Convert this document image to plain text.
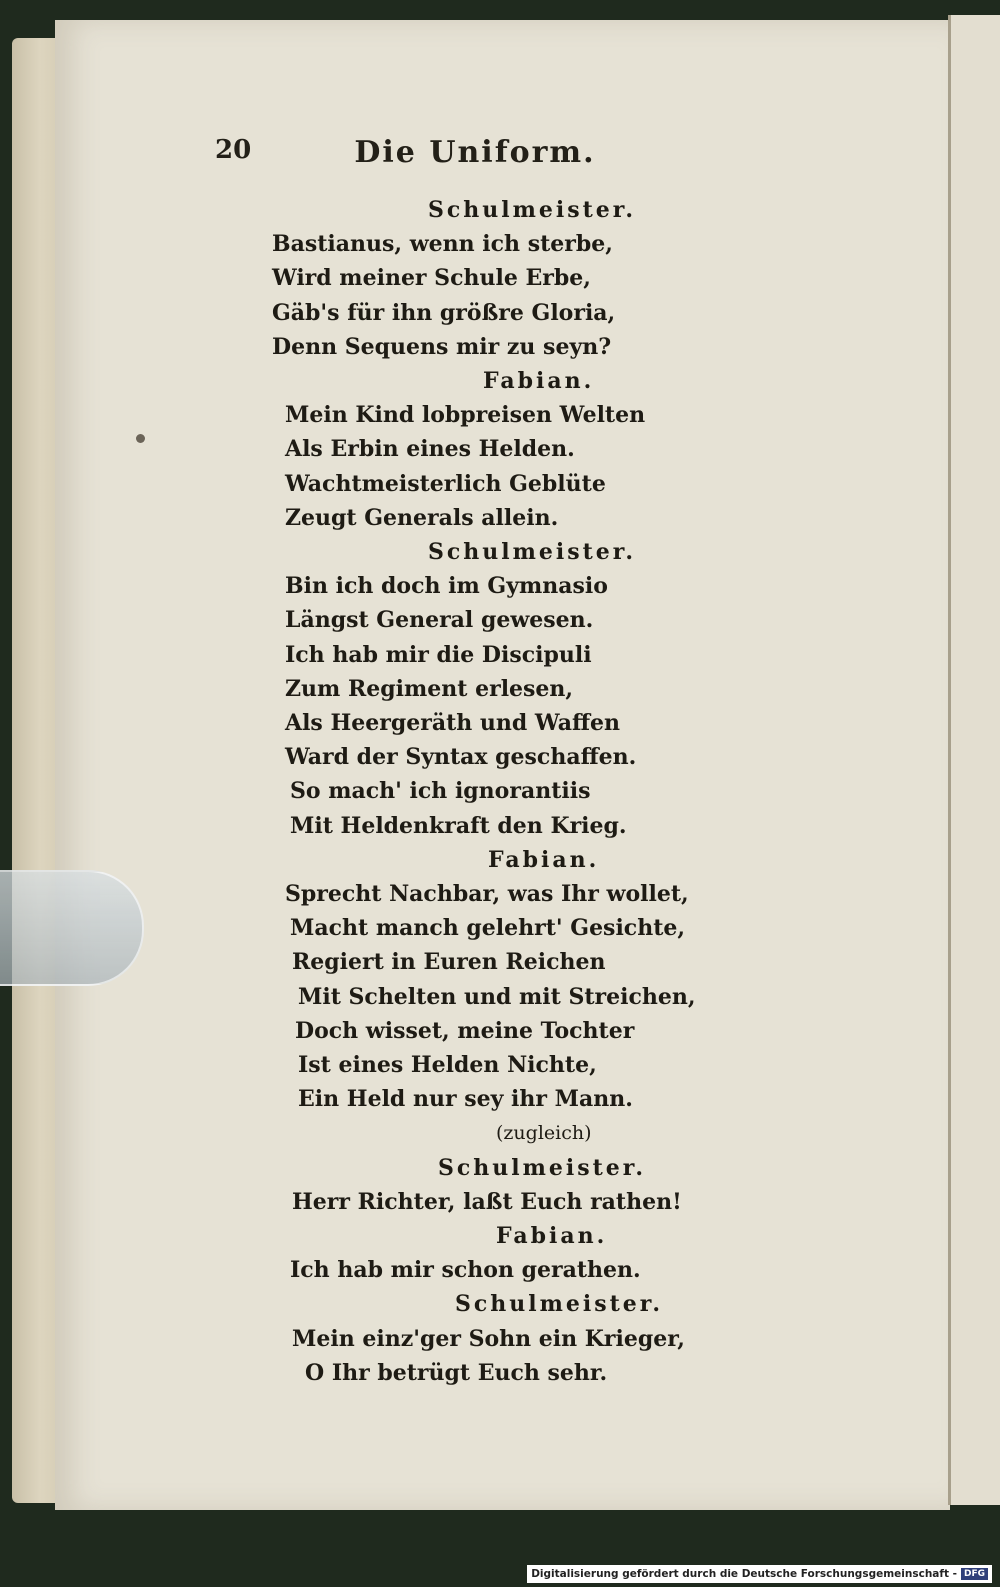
20	Die Uniform.
Schulmeister.
Bastianus, wenn ich sterbe,
Wird meiner Schule Erbe,
Gäb's für ihn größre Gloria,
Denn Sequens mir zu seyn?
Fabian.
Mein Kind lobpreisen Welten
Als Erbin eines Helden.
Wachtmeisterlich Geblüte
Zeugt Generals allein.
Schulmeister.
Bin ich doch im Gymnasio
Längst General gewesen.
Ich hab mir die Discipuli
Zum Regiment erlesen,
Als Heergeräth und Waffen
Ward der Syntax geschaffen.
So mach' ich ignorantiis
Mit Heldenkraft den Krieg.
Fabian.
Sprecht Nachbar, was Ihr wollet,
Macht manch gelehrt' Gesichte,
Regiert in Euren Reichen
Mit Schelten und mit Streichen,
Doch wisset, meine Tochter
Ist eines Helden Nichte,
Ein Held nur sey ihr Mann.
(zugleich)
Schulmeister.
Herr Richter, laßt Euch rathen!
Fabian.
Ich hab mir schon gerathen.
Schulmeister.
Mein einz'ger Sohn ein Krieger,
O Ihr betrügt Euch sehr.
Digitalisierung gefördert durch die Deutsche Forschungsgemeinschaft - DFG
